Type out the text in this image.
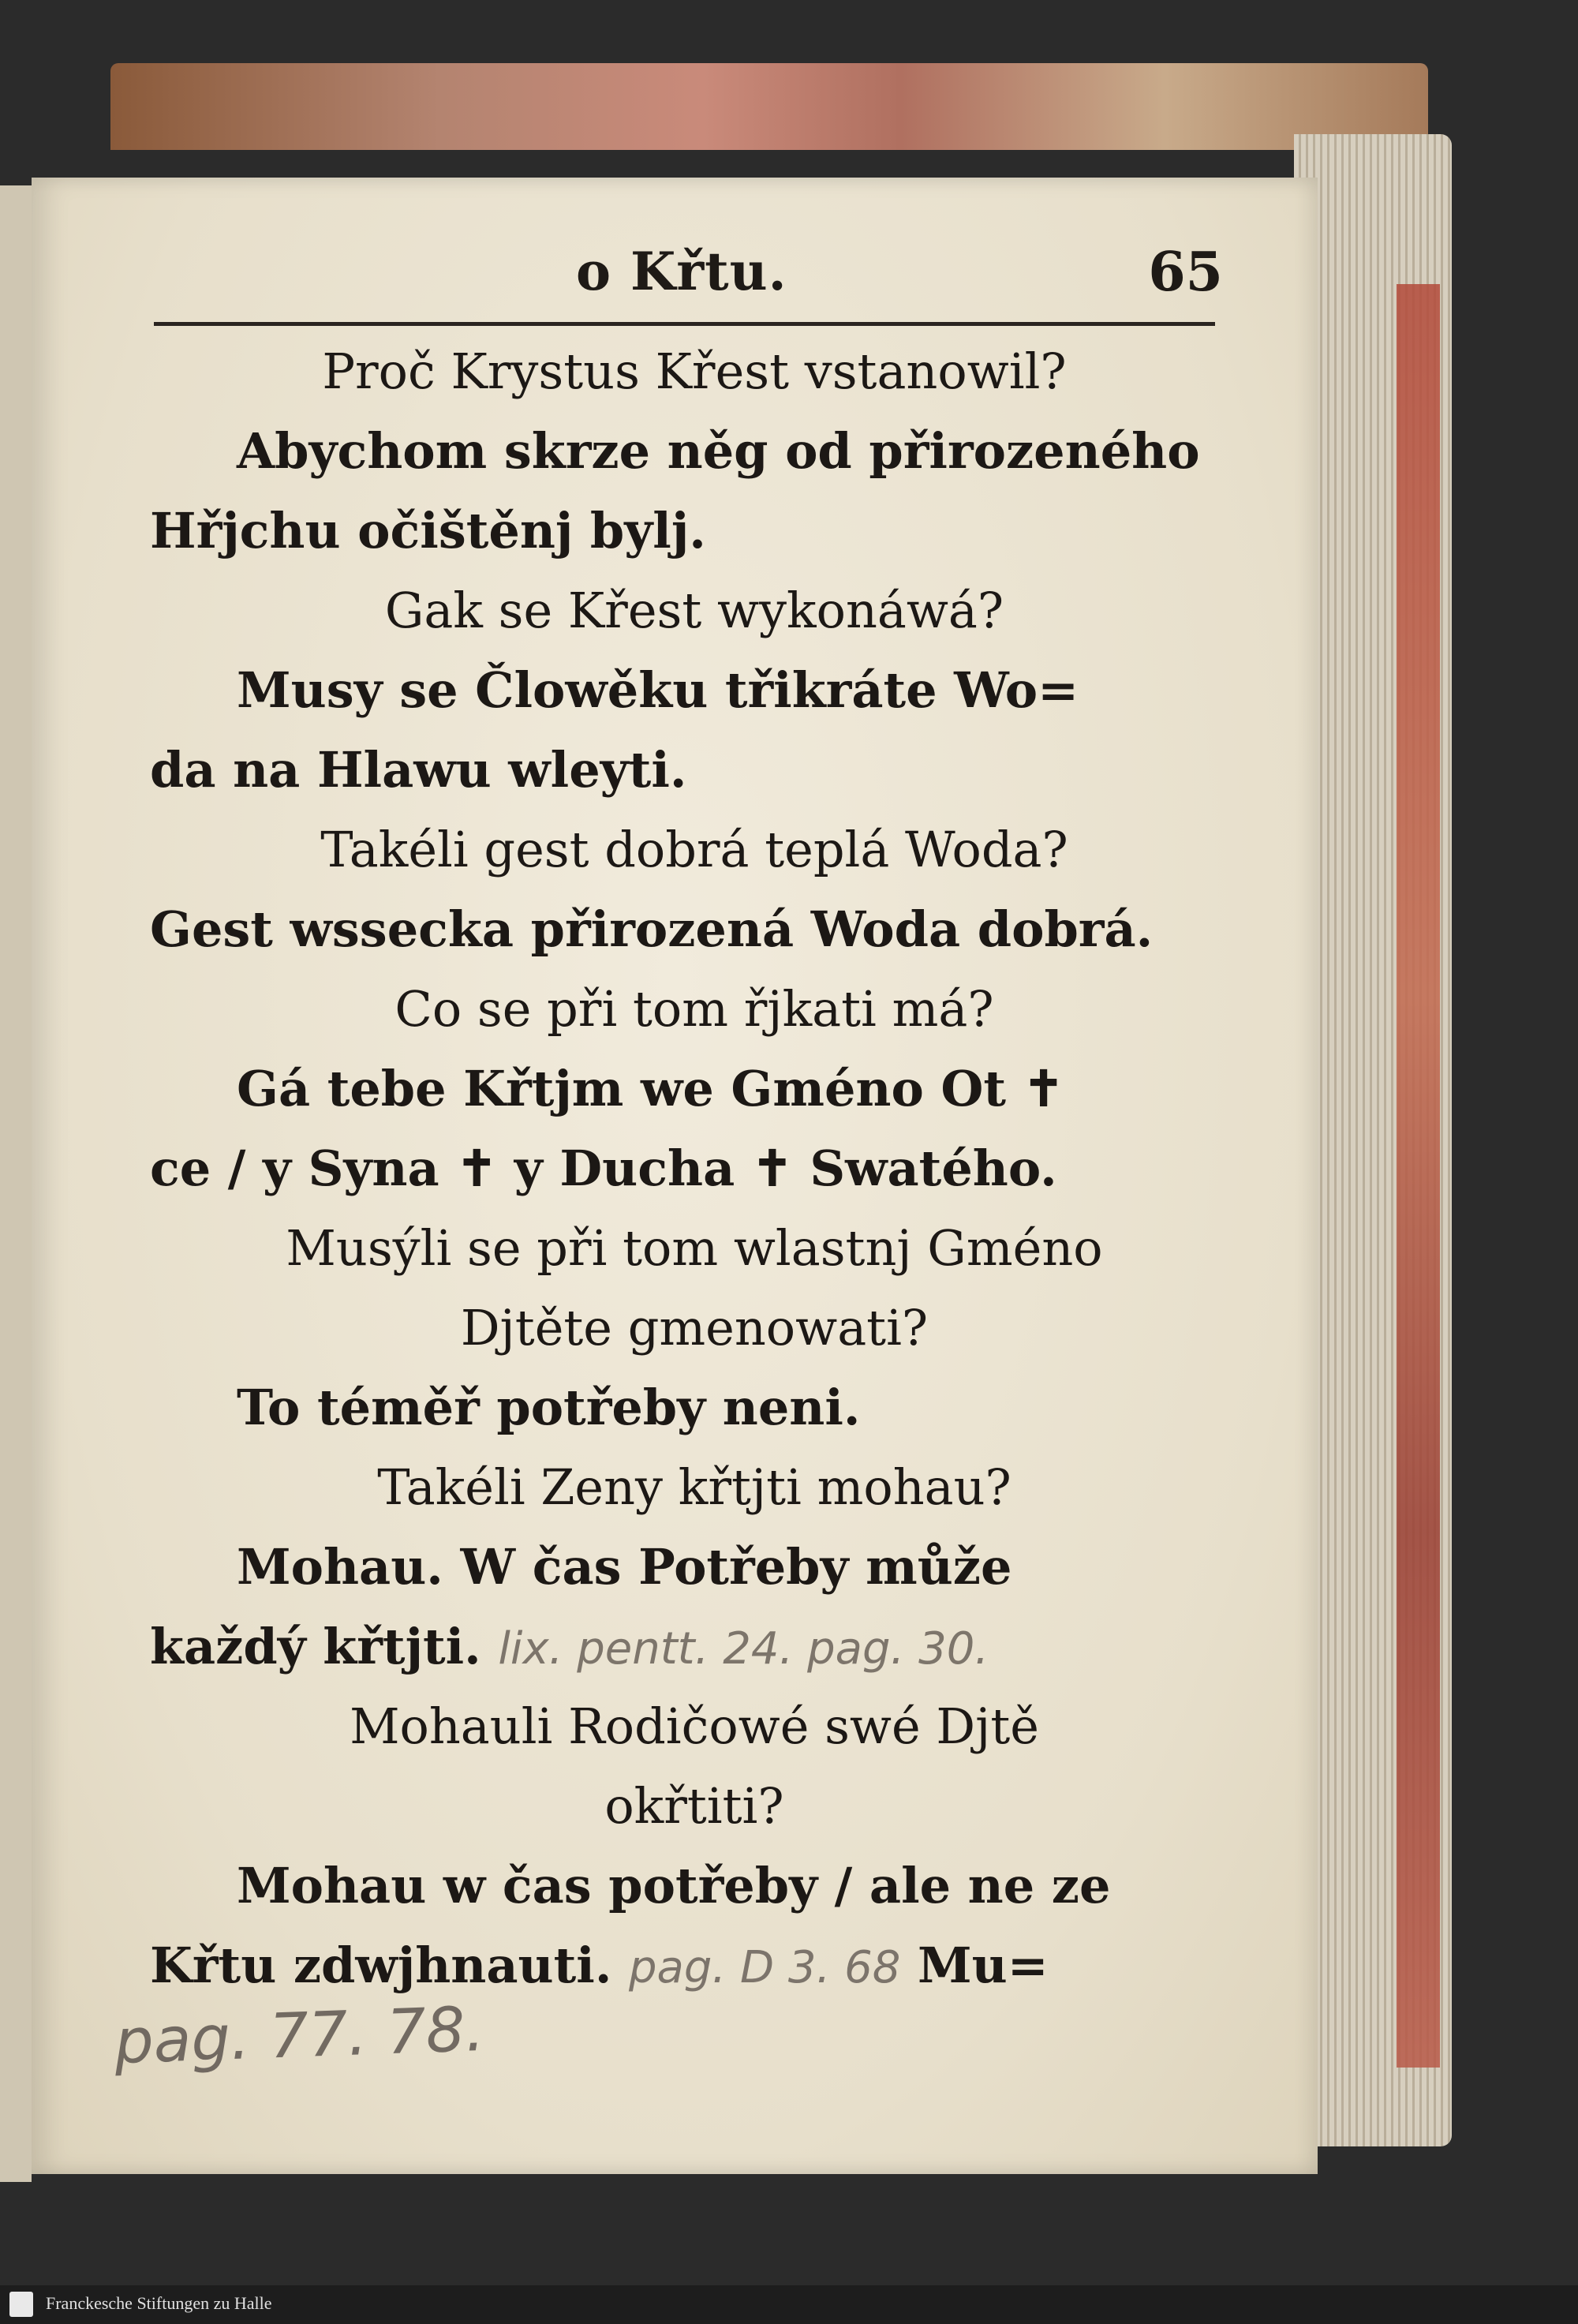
o Křtu.	65
Proč Krystus Křest vstanowil?
Abychom skrze něg od přirozeného
Hřjchu očištěnj bylj.
Gak se Křest wykonáwá?
Musy se Člowěku třikráte Wo=
da na Hlawu wleyti.
Takéli gest dobrá teplá Woda?
Gest wssecka přirozená Woda dobrá.
Co se při tom řjkati má?
Gá tebe Křtjm we Gméno Ot ✝
ce / y Syna ✝ y Ducha ✝ Swatého.
Musýli se při tom wlastnj Gméno
Djtěte gmenowati?
To téměř potřeby neni.
Takéli Zeny křtjti mohau?
Mohau. W čas Potřeby může
každý křtjti. lix. pentt. 24. pag. 30.
Mohauli Rodičowé swé Djtě
okřtiti?
Mohau w čas potřeby / ale ne ze
Křtu zdwjhnauti. pag. D 3. 68 Mu=
pag. 77. 78.
Franckesche Stiftungen zu Halle
